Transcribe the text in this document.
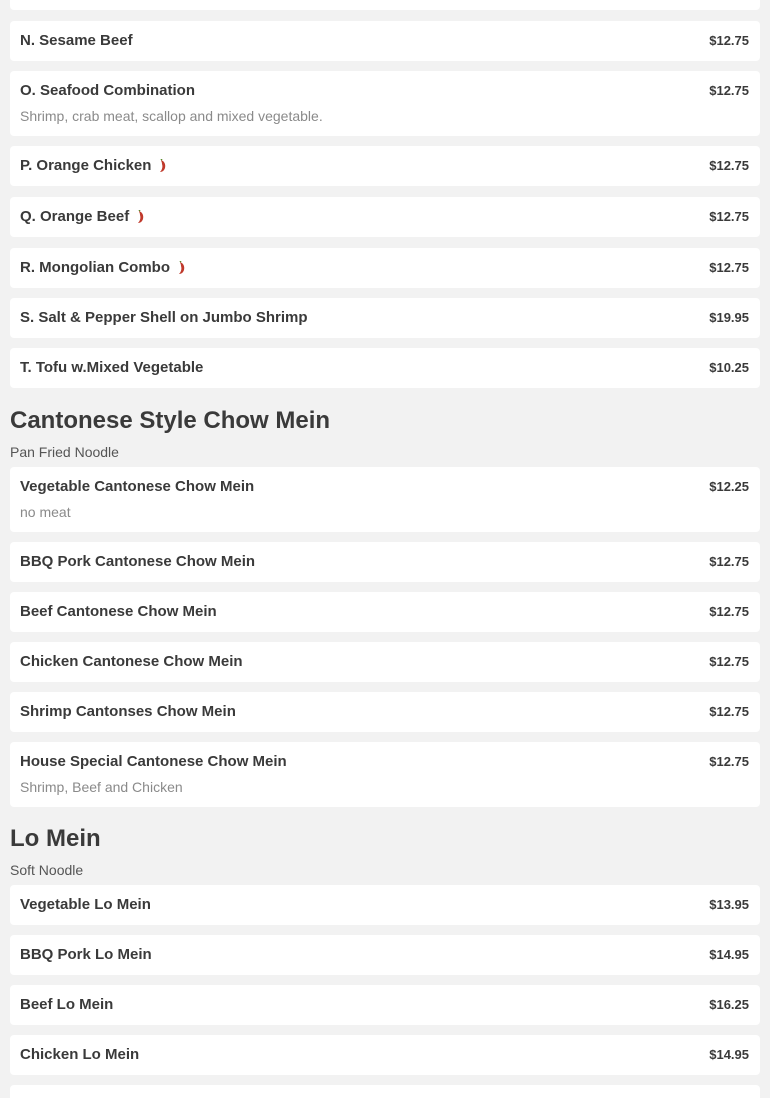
N. Sesame Beef	$12.75
O. Seafood Combination	$12.75
Shrimp, crab meat, scallop and mixed vegetable.
P. Orange Chicken	$12.75
Q. Orange Beef	$12.75
R. Mongolian Combo	$12.75
S. Salt & Pepper Shell on Jumbo Shrimp	$19.95
T. Tofu w.Mixed Vegetable	$10.25
Cantonese Style Chow Mein
Pan Fried Noodle
Vegetable Cantonese Chow Mein	$12.25
no meat
BBQ Pork Cantonese Chow Mein	$12.75
Beef Cantonese Chow Mein	$12.75
Chicken Cantonese Chow Mein	$12.75
Shrimp Cantonses Chow Mein	$12.75
House Special Cantonese Chow Mein	$12.75
Shrimp, Beef and Chicken
Lo Mein
Soft Noodle
Vegetable Lo Mein	$13.95
BBQ Pork Lo Mein	$14.95
Beef Lo Mein	$16.25
Chicken Lo Mein	$14.95
